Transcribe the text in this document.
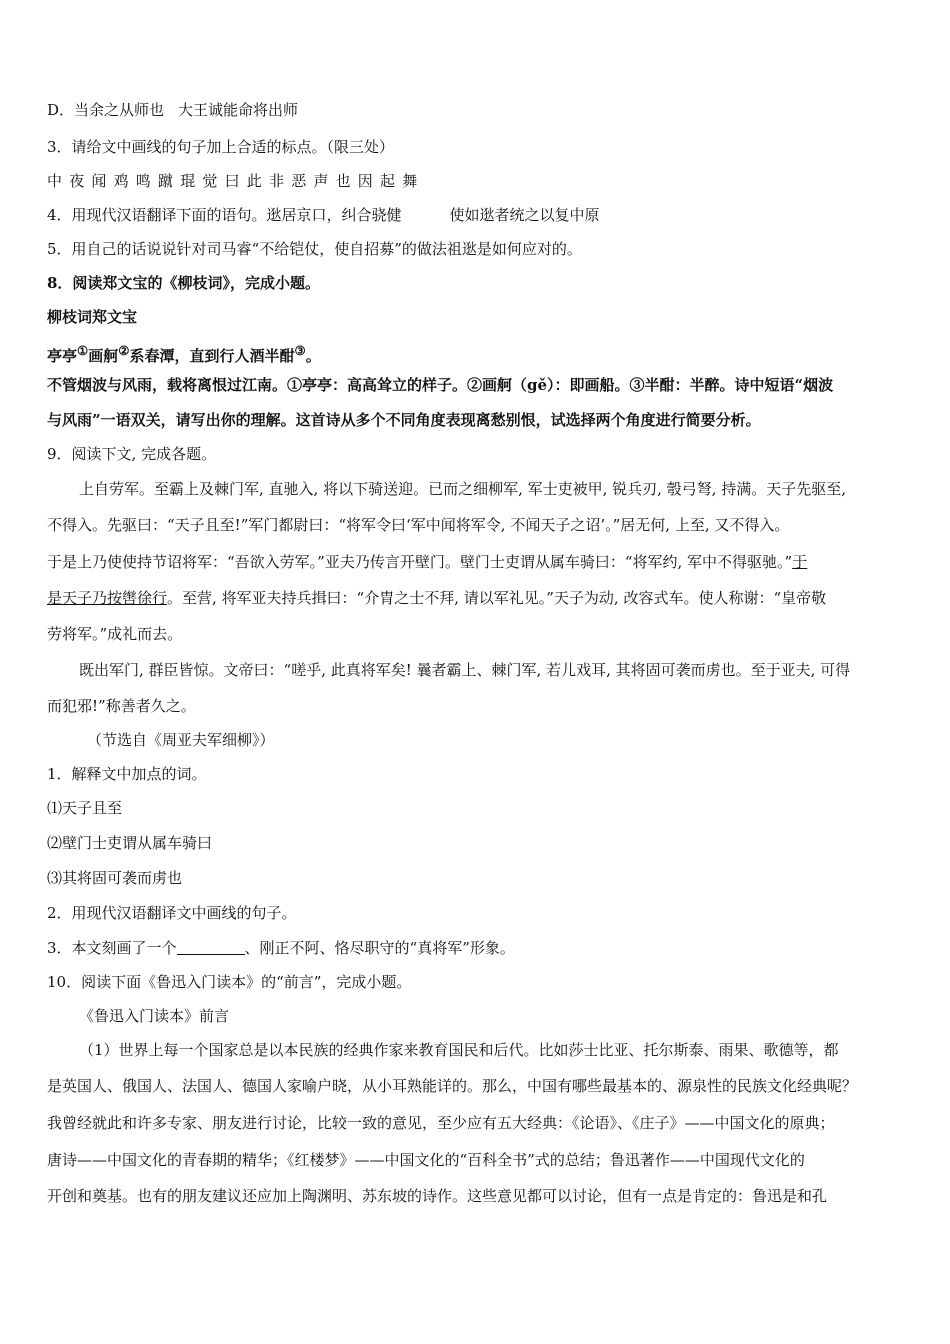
D．当余之从师也 大王诚能命将出师
3．请给文中画线的句子加上合适的标点。（限三处）
中夜闻鸡鸣蹴琨觉曰此非恶声也因起舞
4．用现代汉语翻译下面的语句。逖居京口，纠合骁健	使如逖者统之以复中原
5．用自己的话说说针对司马睿“不给铠仗，使自招募”的做法祖逖是如何应对的。
8．阅读郑文宝的《柳枝词》，完成小题。
柳枝词郑文宝
亭亭①画舸②系春潭，直到行人酒半酣③。
不管烟波与风雨，载将离恨过江南。①亭亭：高高耸立的样子。②画舸（gě）：即画船。③半酣：半醉。诗中短语“烟波
与风雨”一语双关，请写出你的理解。这首诗从多个不同角度表现离愁别恨，试选择两个角度进行简要分析。
9．阅读下文, 完成各题。
上自劳军。至霸上及棘门军, 直驰入, 将以下骑送迎。已而之细柳军, 军士吏被甲, 锐兵刃, 彀弓弩, 持满。天子先驱至,
不得入。先驱曰：“天子且至!”军门都尉曰：“将军令曰‘军中闻将军令, 不闻天子之诏’。”居无何, 上至, 又不得入。
于是上乃使使持节诏将军：“吾欲入劳军。”亚夫乃传言开壁门。壁门士吏谓从属车骑曰：“将军约, 军中不得驱驰。”于
是天子乃按辔徐行。至营, 将军亚夫持兵揖曰：“介胄之士不拜, 请以军礼见。”天子为动, 改容式车。使人称谢：“皇帝敬
劳将军。”成礼而去。
既出军门, 群臣皆惊。文帝曰：“嗟乎, 此真将军矣! 曩者霸上、棘门军, 若儿戏耳, 其将固可袭而虏也。至于亚夫, 可得
而犯邪!”称善者久之。
（节选自《周亚夫军细柳》）
1．解释文中加点的词。
⑴天子且至
⑵壁门士吏谓从属车骑曰
⑶其将固可袭而虏也
2．用现代汉语翻译文中画线的句子。
3．本文刻画了一个	、刚正不阿、恪尽职守的“真将军”形象。
10．阅读下面《鲁迅入门读本》的“前言”，完成小题。
《鲁迅入门读本》前言
（1）世界上每一个国家总是以本民族的经典作家来教育国民和后代。比如莎士比亚、托尔斯泰、雨果、歌德等，都
是英国人、俄国人、法国人、德国人家喻户晓，从小耳熟能详的。那么，中国有哪些最基本的、源泉性的民族文化经典呢？
我曾经就此和许多专家、朋友进行讨论，比较一致的意见，至少应有五大经典：《论语》、《庄子》——中国文化的原典；
唐诗——中国文化的青春期的精华；《红楼梦》——中国文化的“百科全书”式的总结；鲁迅著作——中国现代文化的
开创和奠基。也有的朋友建议还应加上陶渊明、苏东坡的诗作。这些意见都可以讨论，但有一点是肯定的：鲁迅是和孔
